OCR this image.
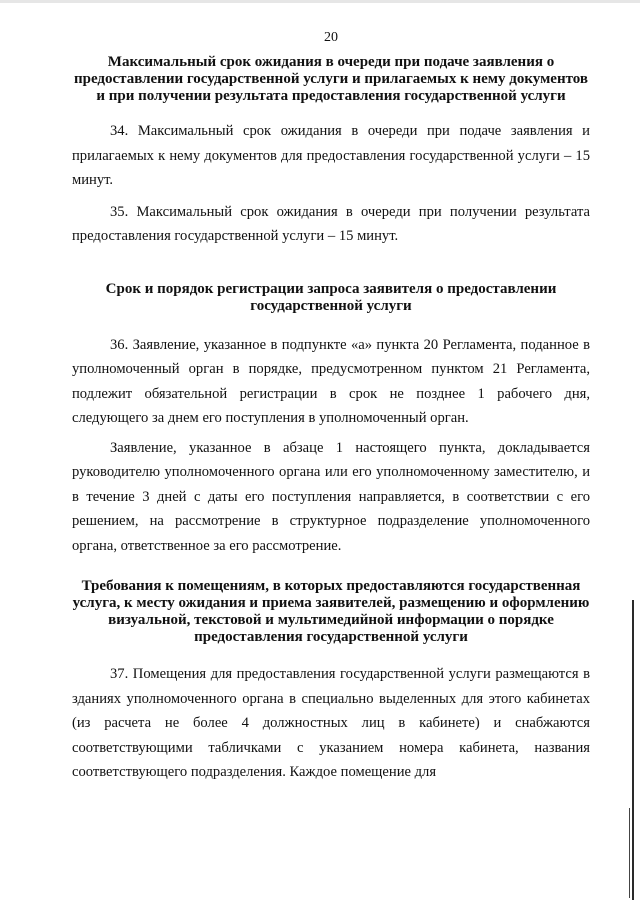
20
Максимальный срок ожидания в очереди при подаче заявления о предоставлении государственной услуги и прилагаемых к нему документов и при получении результата предоставления государственной услуги

34. Максимальный срок ожидания в очереди при подаче заявления и прилагаемых к нему документов для предоставления государственной услуги – 15 минут.

35. Максимальный срок ожидания в очереди при получении результата предоставления государственной услуги – 15 минут.

Срок и порядок регистрации запроса заявителя о предоставлении государственной услуги

36. Заявление, указанное в подпункте «а» пункта 20 Регламента, поданное в уполномоченный орган в порядке, предусмотренном пунктом 21 Регламента, подлежит обязательной регистрации в срок не позднее 1 рабочего дня, следующего за днем его поступления в уполномоченный орган.

Заявление, указанное в абзаце 1 настоящего пункта, докладывается руководителю уполномоченного органа или его уполномоченному заместителю, и в течение 3 дней с даты его поступления направляется, в соответствии с его решением, на рассмотрение в структурное подразделение уполномоченного органа, ответственное за его рассмотрение.

Требования к помещениям, в которых предоставляются государственная услуга, к месту ожидания и приема заявителей, размещению и оформлению визуальной, текстовой и мультимедийной информации о порядке предоставления государственной услуги

37. Помещения для предоставления государственной услуги размещаются в зданиях уполномоченного органа в специально выделенных для этого кабинетах (из расчета не более 4 должностных лиц в кабинете) и снабжаются соответствующими табличками с указанием номера кабинета, названия соответствующего подразделения. Каждое помещение для
